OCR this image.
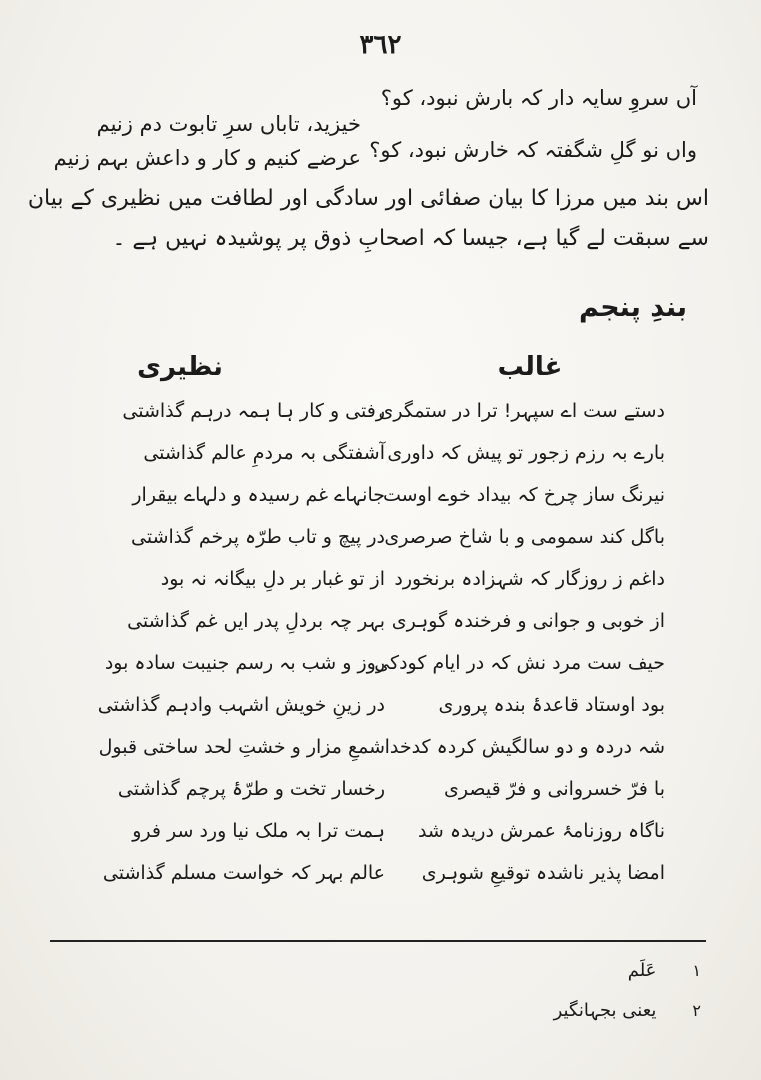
۳٦۲
آں سروِ سایہ دار کہ بارش نبود، کو؟
خیزید، تاباں سرِ تابوت دم زنیم
واں نو گلِ شگفتہ کہ خارش نبود، کو؟
عرضے کنیم و کار و داعش بہم زنیم
اس بند میں مرزا کا بیان صفائی اور سادگی اور لطافت میں نظیری کے بیان
سے سبقت لے گیا ہے، جیسا کہ اصحابِ ذوق پر پوشیدہ نہیں ہے ۔
بندِ پنجم
غالب
نظیری
دستے ست اے سپہر! ترا در ستمگری
بارے بہ رزم زجور تو پیش کہ داوری
نیرنگ ساز چرخ کہ بیداد خوے اوست
باگل کند سمومی و با شاخ صرصری
داغم ز روزگار کہ شہزادہ برنخورد
از خوبی و جوانی و فرخندہ گوہری
حیف ست مرد نش کہ در ایام کودکی
بود اوستاد قاعدۂ بندہ پروری
شہ دردہ و دو سالگیش کردہ کدخدا
با فرّ خسروانی و فرّ قیصری
ناگاہ روزنامۂ عمرش دریدہ شد
امضا پذیر ناشدہ توقیعِ شوہری
رفتی و کار ہا ہمہ درہم گذاشتی
آشفتگی بہ مردمِ عالم گذاشتی
جانہاے غم رسیدہ و دلہاے بیقرار
در پیچ و تاب طرّہ پرخم گذاشتی
از تو غبار بر دلِ بیگانہ نہ بود
بہر چہ بردلِ پدر ایں غم گذاشتی
روز و شب بہ رسم جنیبت سادہ بود
در زینِ خویش اشہب وادہم گذاشتی
شمعِ مزار و خشتِ لحد ساختی قبول
رخسار تخت و طرّۂ پرچم گذاشتی
ہمت ترا بہ ملک نیا ورد سر فرو
عالم بہر کہ خواست مسلم گذاشتی
۱
عَلَم
۲
یعنی بجہانگیر
